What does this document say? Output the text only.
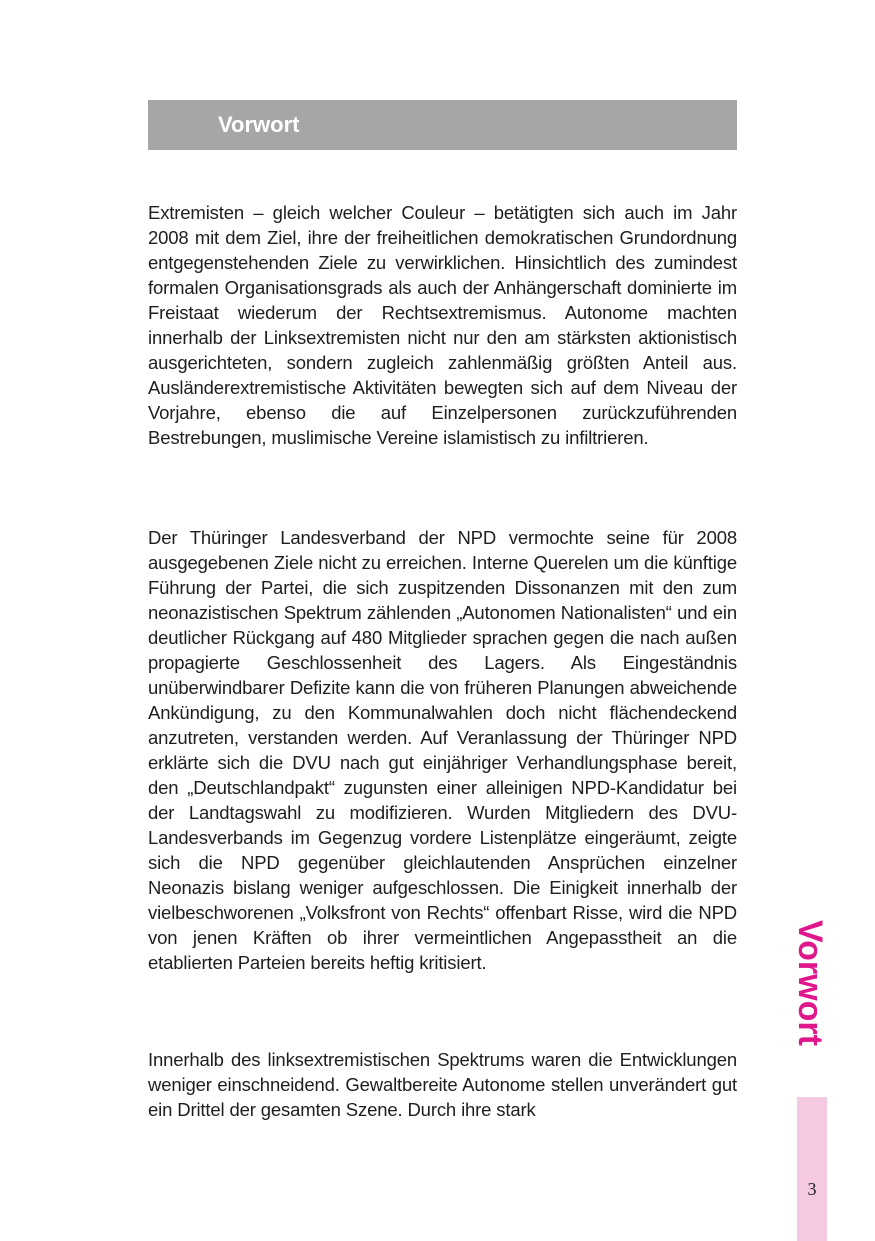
Vorwort

Extremisten – gleich welcher Couleur – betätigten sich auch im Jahr 2008 mit dem Ziel, ihre der freiheitlichen demokratischen Grundordnung entgegenstehenden Ziele zu verwirklichen. Hinsichtlich des zumindest formalen Organisationsgrads als auch der Anhängerschaft dominierte im Freistaat wiederum der Rechtsextremismus. Autonome machten innerhalb der Linksextremisten nicht nur den am stärksten aktionistisch ausgerichteten, sondern zugleich zahlenmäßig größten Anteil aus. Ausländerextremistische Aktivitäten bewegten sich auf dem Niveau der Vorjahre, ebenso die auf Einzelpersonen zurückzuführenden Bestrebungen, muslimische Vereine islamistisch zu infiltrieren.

Der Thüringer Landesverband der NPD vermochte seine für 2008 ausgegebenen Ziele nicht zu erreichen. Interne Querelen um die künftige Führung der Partei, die sich zuspitzenden Dissonanzen mit den zum neonazistischen Spektrum zählenden „Autonomen Nationalisten“ und ein deutlicher Rückgang auf 480 Mitglieder sprachen gegen die nach außen propagierte Geschlossenheit des Lagers. Als Eingeständnis unüberwindbarer Defizite kann die von früheren Planungen abweichende Ankündigung, zu den Kommunalwahlen doch nicht flächendeckend anzutreten, verstanden werden. Auf Veranlassung der Thüringer NPD erklärte sich die DVU nach gut einjähriger Verhandlungsphase bereit, den „Deutschlandpakt“ zugunsten einer alleinigen NPD-Kandidatur bei der Landtagswahl zu modifizieren. Wurden Mitgliedern des DVU-Landesverbands im Gegenzug vordere Listenplätze eingeräumt, zeigte sich die NPD gegenüber gleichlautenden Ansprüchen einzelner Neonazis bislang weniger aufgeschlossen. Die Einigkeit innerhalb der vielbeschworenen „Volksfront von Rechts“ offenbart Risse, wird die NPD von jenen Kräften ob ihrer vermeintlichen Angepasstheit an die etablierten Parteien bereits heftig kritisiert.

Innerhalb des linksextremistischen Spektrums waren die Entwicklungen weniger einschneidend. Gewaltbereite Autonome stellen unverändert gut ein Drittel der gesamten Szene. Durch ihre stark

Vorwort
3
